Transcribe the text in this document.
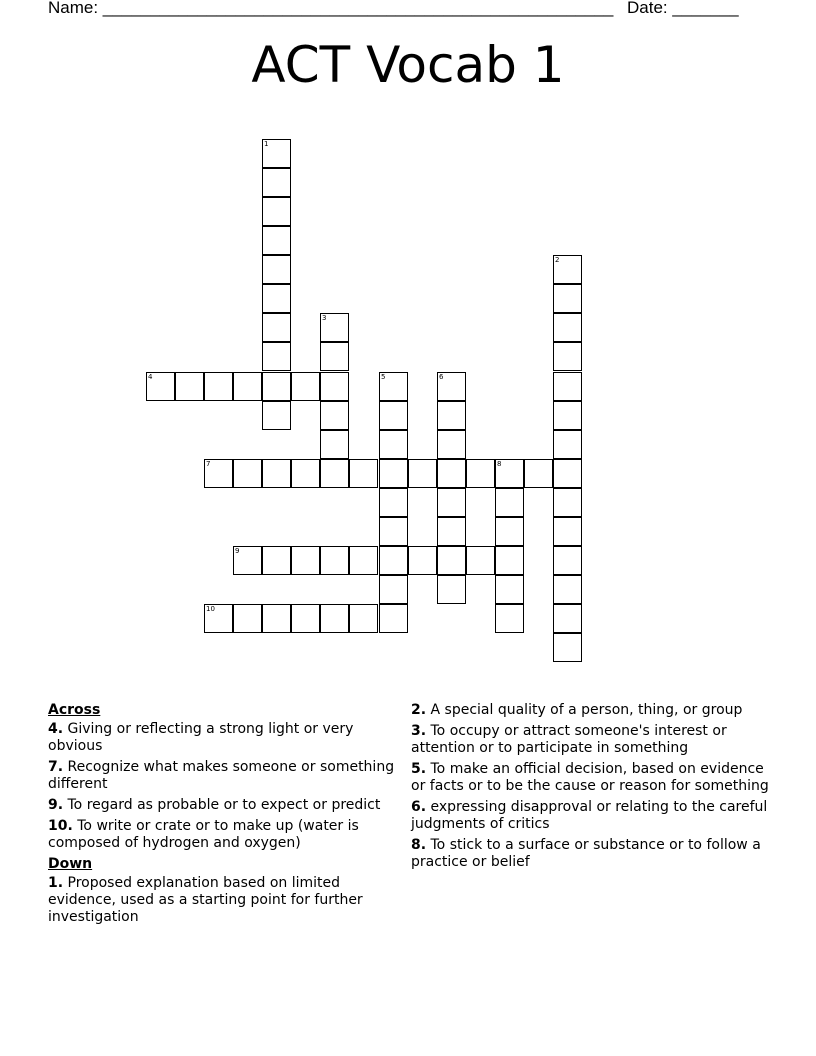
Name: ______________________________________________________ Date: _______
ACT Vocab 1
1
2
3
4	5	6
7	8
9
10
Across
4. Giving or reflecting a strong light or very obvious
7. Recognize what makes someone or something different
9. To regard as probable or to expect or predict
10. To write or crate or to make up (water is composed of hydrogen and oxygen)
Down
1. Proposed explanation based on limited evidence, used as a starting point for further investigation
2. A special quality of a person, thing, or group
3. To occupy or attract someone's interest or attention or to participate in something
5. To make an official decision, based on evidence or facts or to be the cause or reason for something
6. expressing disapproval or relating to the careful judgments of critics
8. To stick to a surface or substance or to follow a practice or belief
